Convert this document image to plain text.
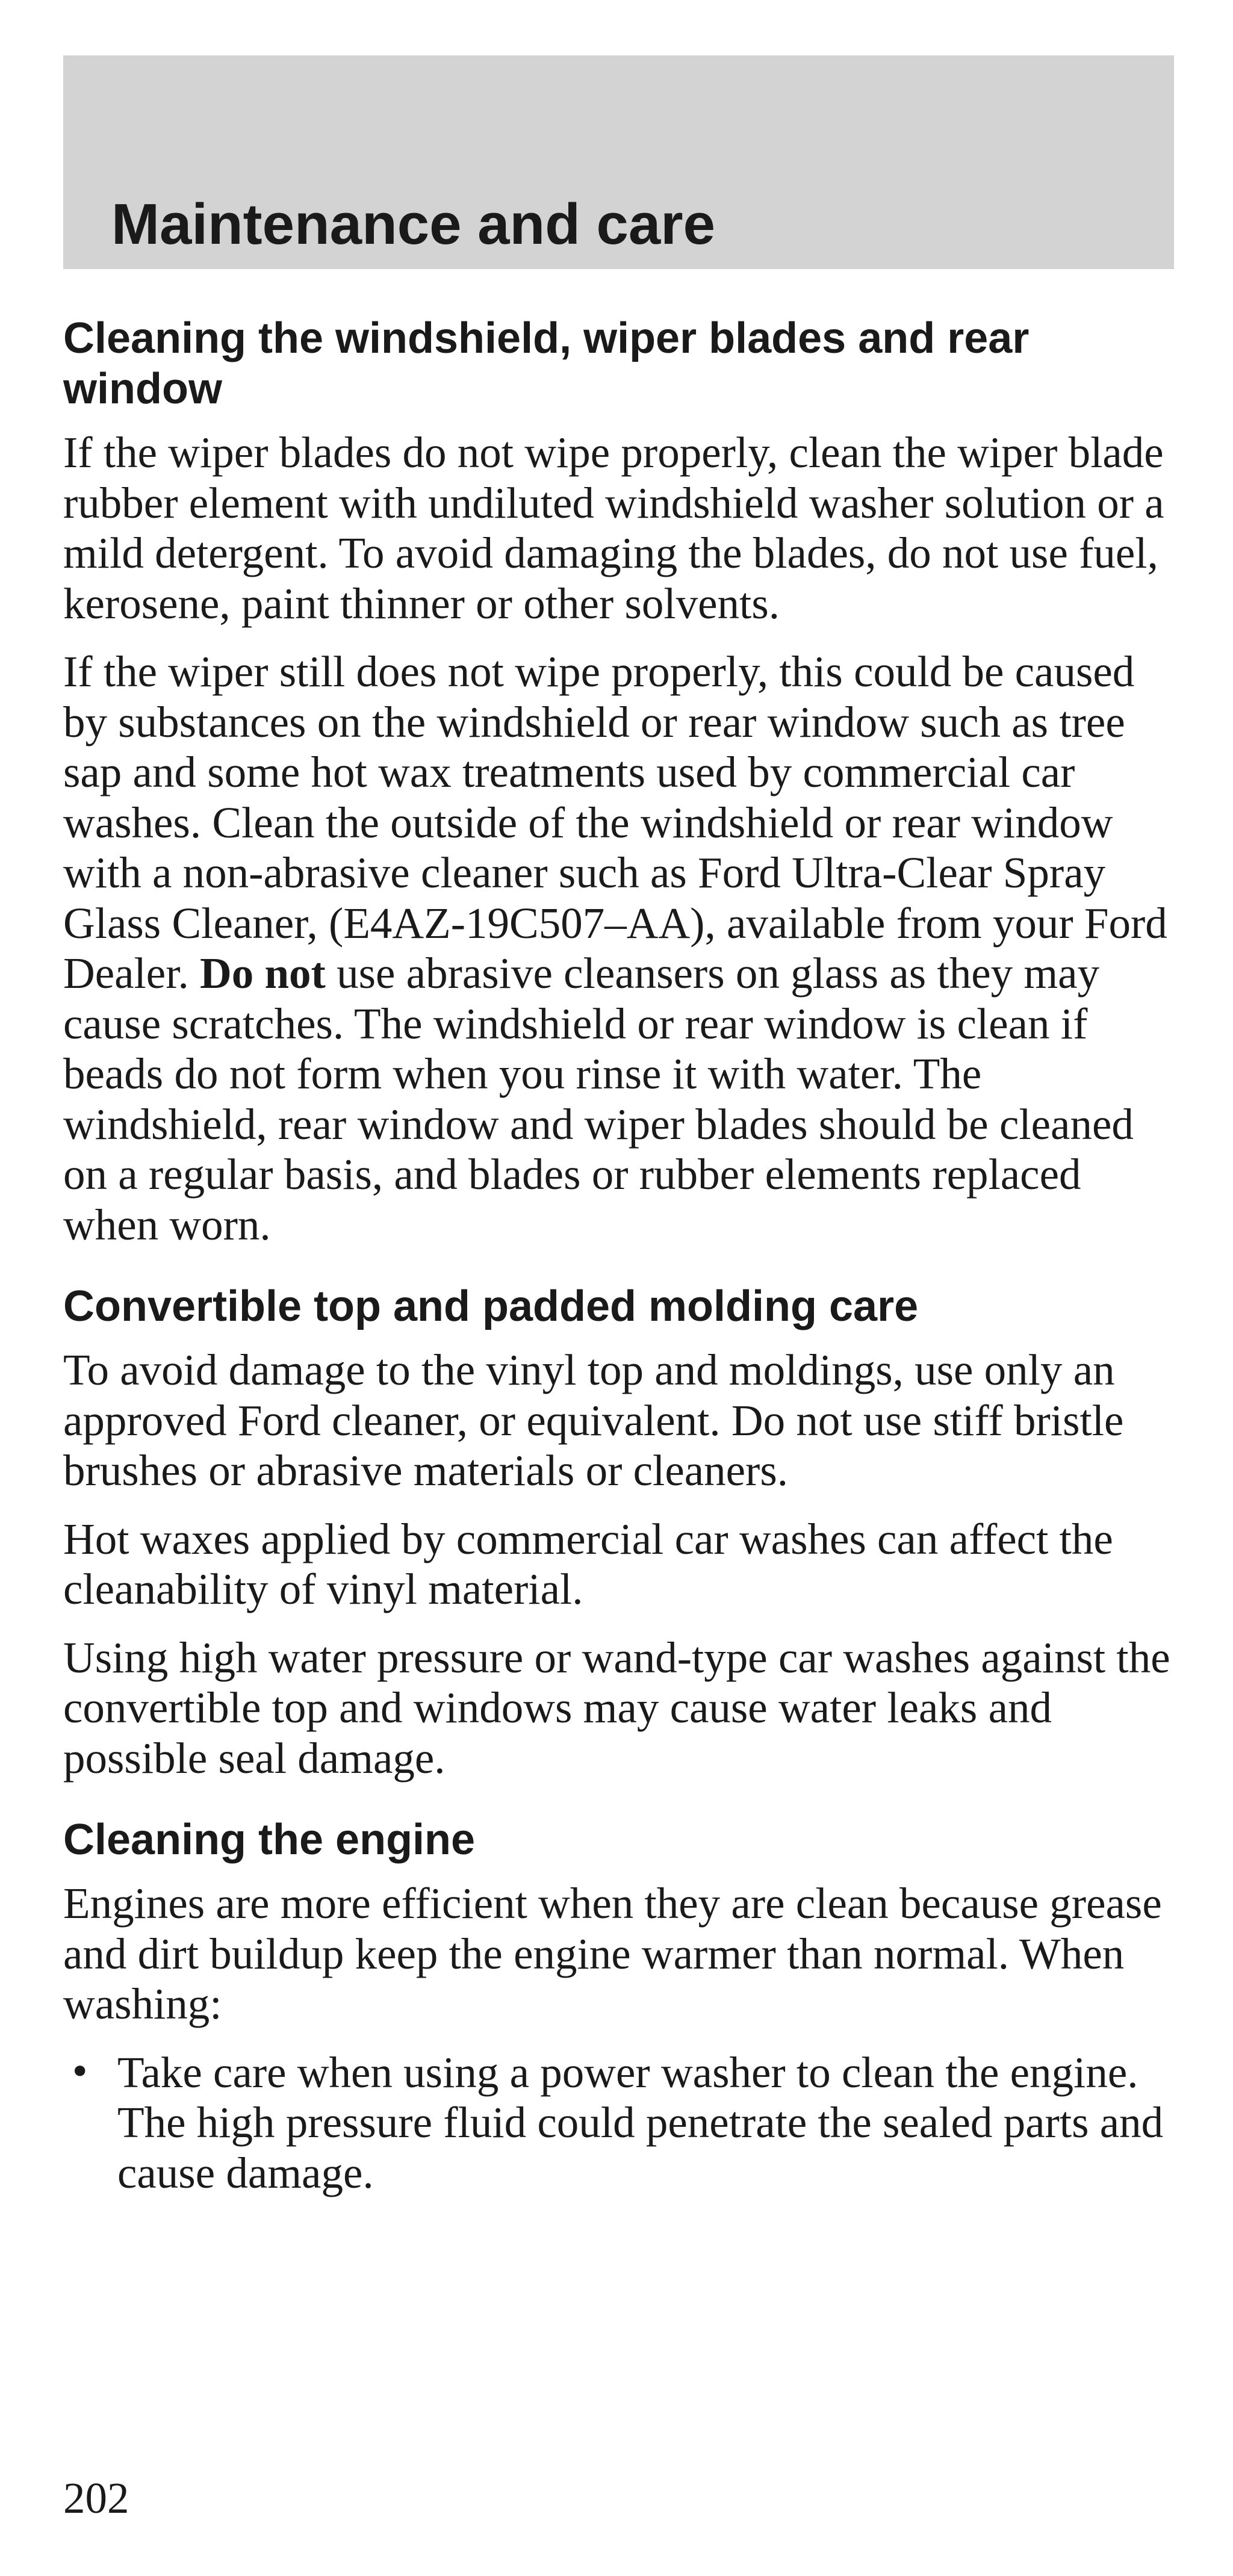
Maintenance and care
Cleaning the windshield, wiper blades and rear
window

If the wiper blades do not wipe properly, clean the wiper blade rubber element with undiluted windshield washer solution or a mild detergent. To avoid damaging the blades, do not use fuel, kerosene, paint thinner or other solvents.

If the wiper still does not wipe properly, this could be caused by substances on the windshield or rear window such as tree sap and some hot wax treatments used by commercial car washes. Clean the outside of the windshield or rear window with a non-abrasive cleaner such as Ford Ultra-Clear Spray Glass Cleaner, (E4AZ-19C507–AA), available from your Ford Dealer. Do not use abrasive cleansers on glass as they may cause scratches. The windshield or rear window is clean if beads do not form when you rinse it with water. The windshield, rear window and wiper blades should be cleaned on a regular basis, and blades or rubber elements replaced when worn.

Convertible top and padded molding care

To avoid damage to the vinyl top and moldings, use only an approved Ford cleaner, or equivalent. Do not use stiff bristle brushes or abrasive materials or cleaners.

Hot waxes applied by commercial car washes can affect the cleanability of vinyl material.

Using high water pressure or wand-type car washes against the convertible top and windows may cause water leaks and possible seal damage.

Cleaning the engine

Engines are more efficient when they are clean because grease and dirt buildup keep the engine warmer than normal. When washing:

• Take care when using a power washer to clean the engine. The high pressure fluid could penetrate the sealed parts and cause damage.

202
